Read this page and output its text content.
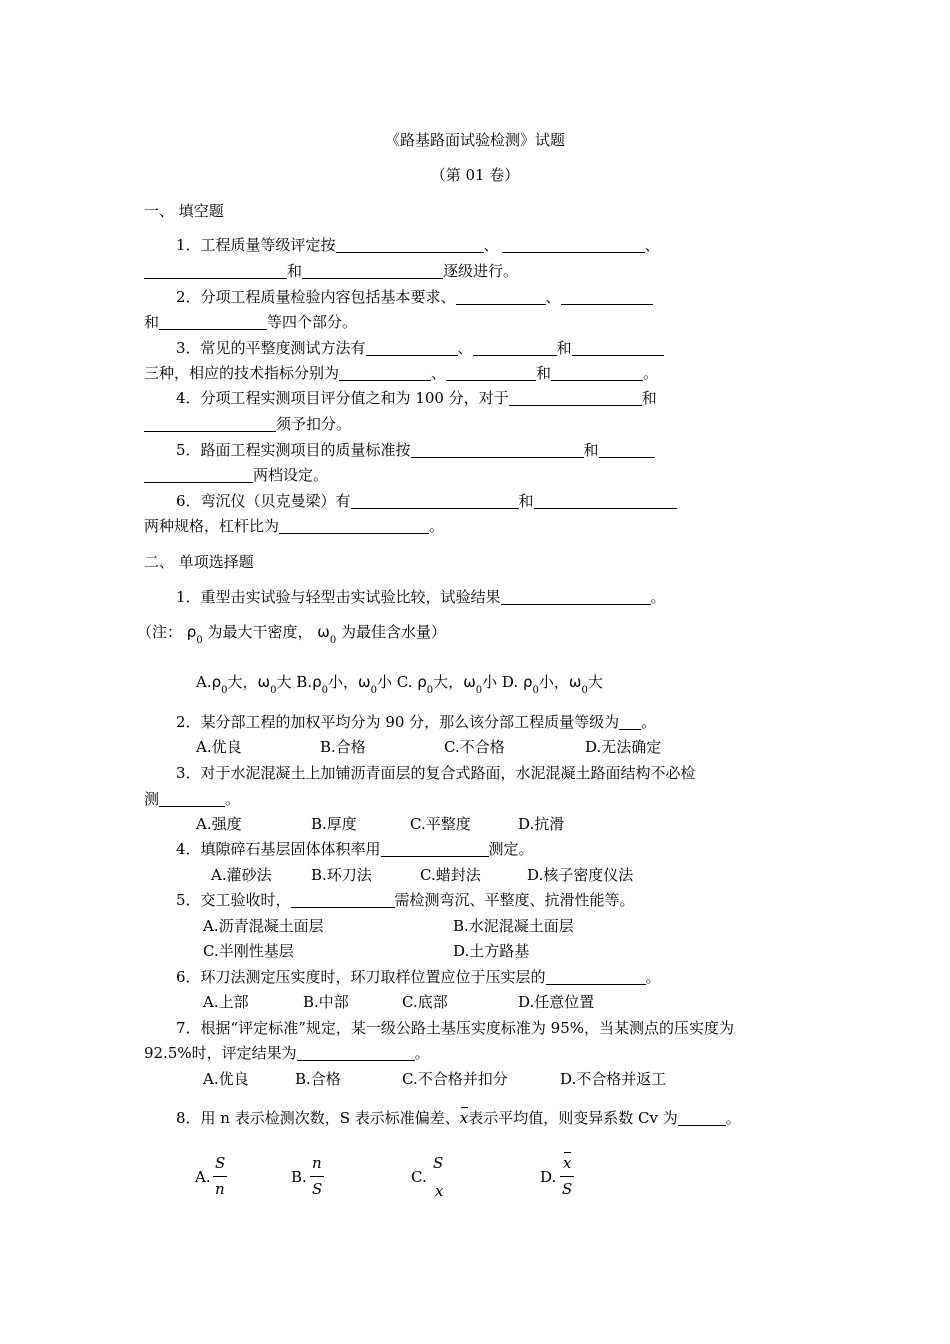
《路基路面试验检测》试题
（第 01 卷）
一、 填空题
1．工程质量等级评定按	、	、
和	逐级进行。
2．分项工程质量检验内容包括基本要求、	、
和	等四个部分。
3．常见的平整度测试方法有	、	和
三种，相应的技术指标分别为	、	和	。
4．分项工程实测项目评分值之和为 100 分，对于	和
须予扣分。
5．路面工程实测项目的质量标准按	和
两档设定。
6．弯沉仪（贝克曼梁）有	和
两种规格，杠杆比为	。
二、 单项选择题
1．重型击实试验与轻型击实试验比较，试验结果	。
（注： $\rho_0$ 为最大干密度， $\omega_0$ 为最佳含水量）
$A.\rho_0$大，$\omega_0$大 $B.\rho_0$小，$\omega_0$小 C. $\rho_0$大，$\omega_0$小 D. $\rho_0$小，$\omega_0$大
2．某分部工程的加权平均分为 90 分，那么该分部工程质量等级为 。
A.优良	B.合格	C.不合格	D.无法确定
3．对于水泥混凝土上加铺沥青面层的复合式路面，水泥混凝土路面结构不必检
测	。
A.强度	B.厚度	C.平整度	D.抗滑
4．填隙碎石基层固体体积率用	测定。
A.灌砂法	B.环刀法	C.蜡封法	D.核子密度仪法
5．交工验收时，	需检测弯沉、平整度、抗滑性能等。
A.沥青混凝土面层	B.水泥混凝土面层
C.半刚性基层	D.土方路基
6．环刀法测定压实度时，环刀取样位置应位于压实层的	。
A.上部	B.中部	C.底部	D.任意位置
7．根据“评定标准”规定，某一级公路土基压实度标准为 95%，当某测点的压实度为
92.5%时，评定结果为	。
A.优良	B.合格	C.不合格并扣分	D.不合格并返工
8．用 n 表示检测次数，S 表示标准偏差、x表示平均值，则变异系数 Cv 为	。
A.
S
n
B.
n
S
C.
S
x
D.
x
S
